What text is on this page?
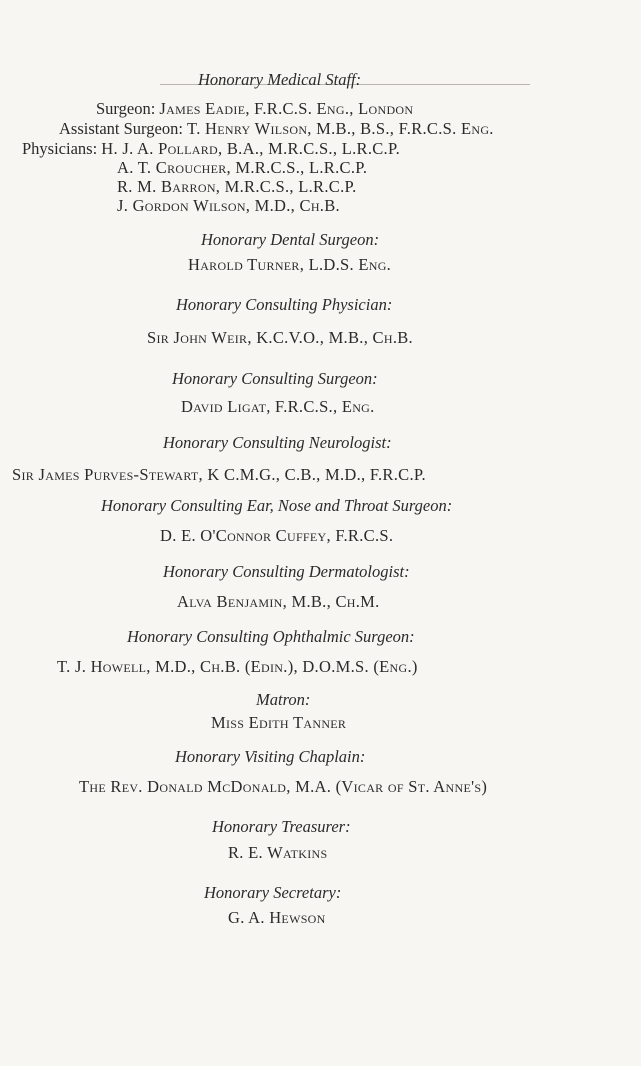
Honorary Medical Staff:
Surgeon: James Eadie, F.R.C.S. Eng., London
Assistant Surgeon: T. Henry Wilson, M.B., B.S., F.R.C.S. Eng.
Physicians: H. J. A. Pollard, B.A., M.R.C.S., L.R.C.P.
A. T. Croucher, M.R.C.S., L.R.C.P.
R. M. Barron, M.R.C.S., L.R.C.P.
J. Gordon Wilson, M.D., Ch.B.
Honorary Dental Surgeon:
Harold Turner, L.D.S. Eng.
Honorary Consulting Physician:
Sir John Weir, K.C.V.O., M.B., Ch.B.
Honorary Consulting Surgeon:
David Ligat, F.R.C.S., Eng.
Honorary Consulting Neurologist:
Sir James Purves-Stewart, K C.M.G., C.B., M.D., F.R.C.P.
Honorary Consulting Ear, Nose and Throat Surgeon:
D. E. O'Connor Cuffey, F.R.C.S.
Honorary Consulting Dermatologist:
Alva Benjamin, M.B., Ch.M.
Honorary Consulting Ophthalmic Surgeon:
T. J. Howell, M.D., Ch.B. (Edin.), D.O.M.S. (Eng.)
Matron:
Miss Edith Tanner
Honorary Visiting Chaplain:
The Rev. Donald McDonald, M.A. (Vicar of St. Anne's)
Honorary Treasurer:
R. E. Watkins
Honorary Secretary:
G. A. Hewson
